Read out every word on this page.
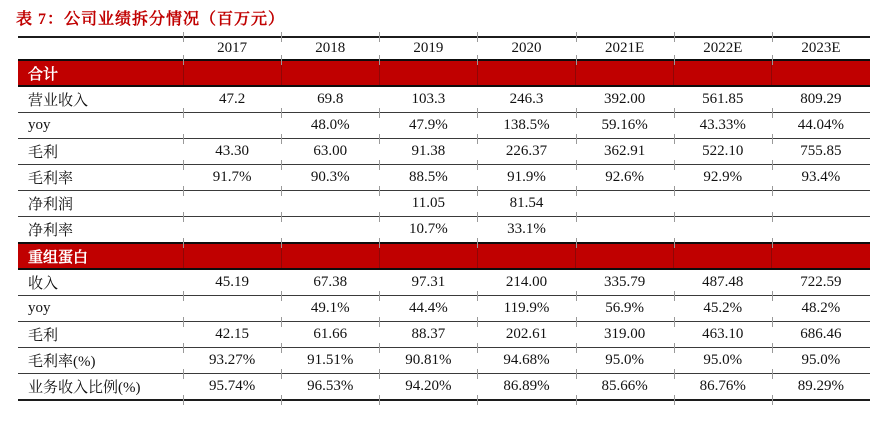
表 7：公司业绩拆分情况（百万元）
	2017	2018	2019	2020	2021E	2022E	2023E
合计							
营业收入	47.2	69.8	103.3	246.3	392.00	561.85	809.29
yoy		48.0%	47.9%	138.5%	59.16%	43.33%	44.04%
毛利	43.30	63.00	91.38	226.37	362.91	522.10	755.85
毛利率	91.7%	90.3%	88.5%	91.9%	92.6%	92.9%	93.4%
净利润			11.05	81.54			
净利率			10.7%	33.1%			
重组蛋白							
收入	45.19	67.38	97.31	214.00	335.79	487.48	722.59
yoy		49.1%	44.4%	119.9%	56.9%	45.2%	48.2%
毛利	42.15	61.66	88.37	202.61	319.00	463.10	686.46
毛利率(%)	93.27%	91.51%	90.81%	94.68%	95.0%	95.0%	95.0%
业务收入比例(%)	95.74%	96.53%	94.20%	86.89%	85.66%	86.76%	89.29%
